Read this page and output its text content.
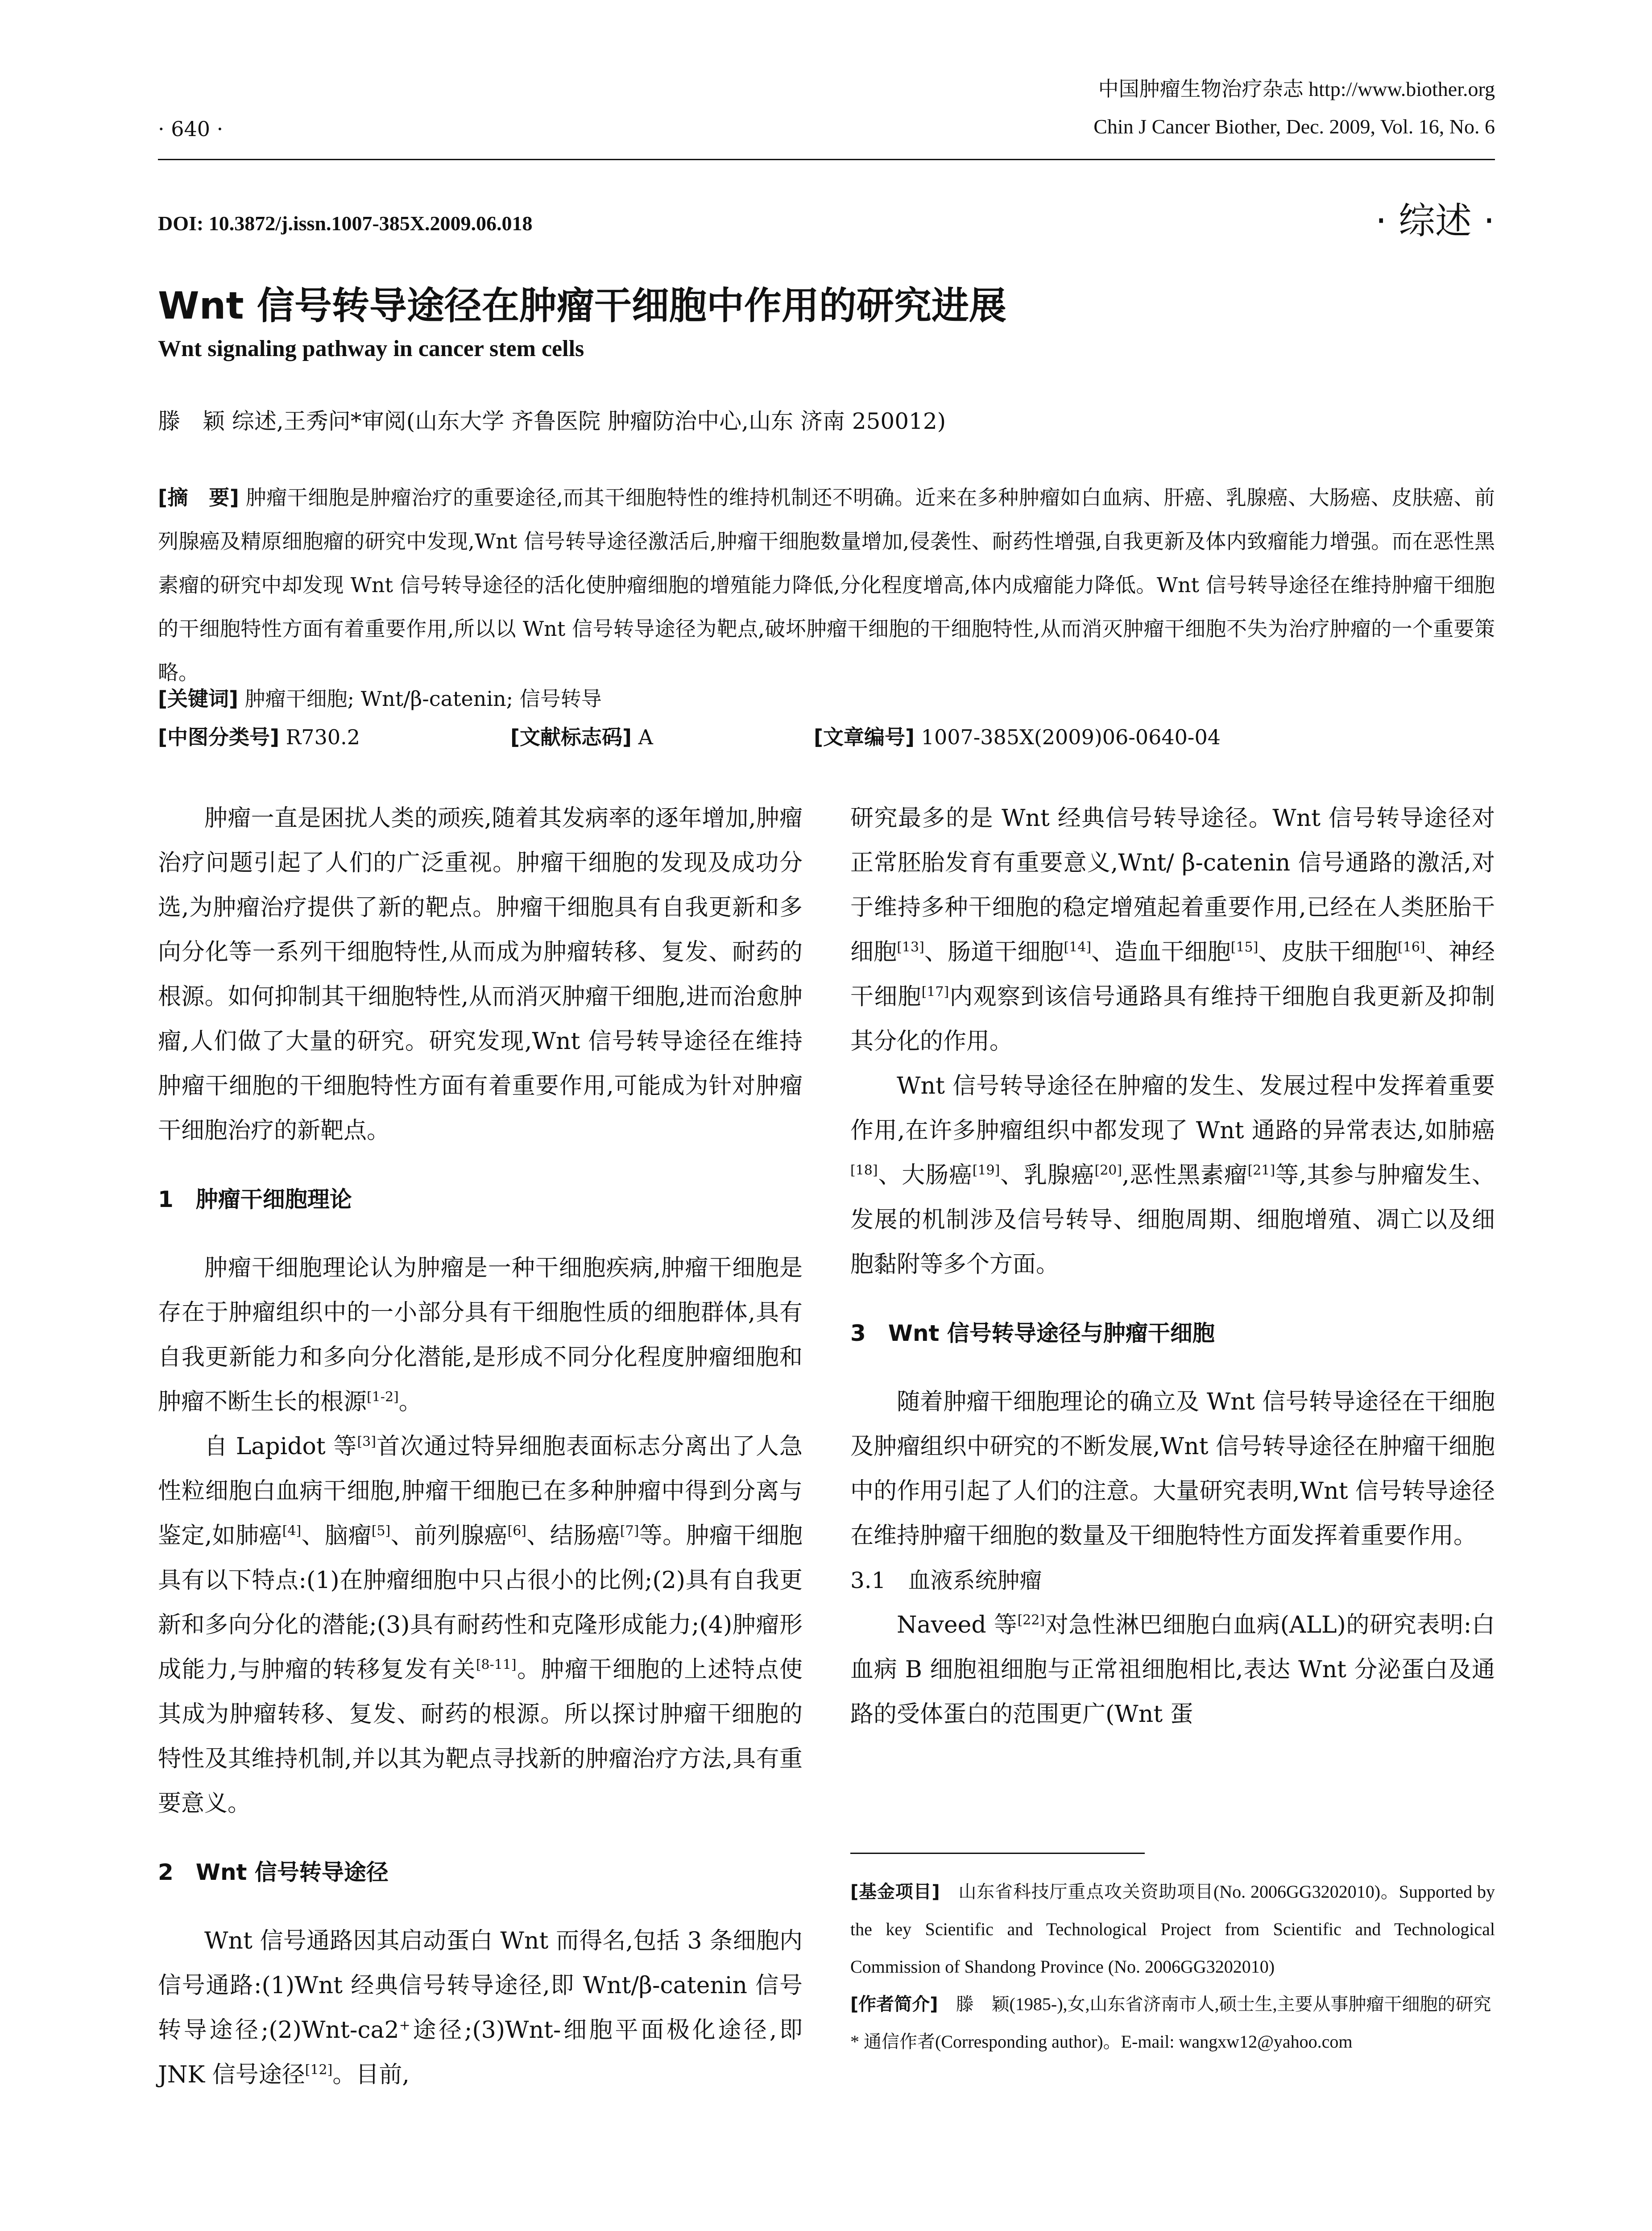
· 640 ·
中国肿瘤生物治疗杂志 http://www.biother.org
Chin J Cancer Biother, Dec. 2009, Vol. 16, No. 6
DOI: 10.3872/j.issn.1007-385X.2009.06.018	· 综述 ·
Wnt 信号转导途径在肿瘤干细胞中作用的研究进展
Wnt signaling pathway in cancer stem cells
滕　颖 综述,王秀问*审阅(山东大学 齐鲁医院 肿瘤防治中心,山东 济南 250012)
[摘　要] 肿瘤干细胞是肿瘤治疗的重要途径,而其干细胞特性的维持机制还不明确。近来在多种肿瘤如白血病、肝癌、乳腺癌、大肠癌、皮肤癌、前列腺癌及精原细胞瘤的研究中发现,Wnt 信号转导途径激活后,肿瘤干细胞数量增加,侵袭性、耐药性增强,自我更新及体内致瘤能力增强。而在恶性黑素瘤的研究中却发现 Wnt 信号转导途径的活化使肿瘤细胞的增殖能力降低,分化程度增高,体内成瘤能力降低。Wnt 信号转导途径在维持肿瘤干细胞的干细胞特性方面有着重要作用,所以以 Wnt 信号转导途径为靶点,破坏肿瘤干细胞的干细胞特性,从而消灭肿瘤干细胞不失为治疗肿瘤的一个重要策略。
[关键词] 肿瘤干细胞; Wnt/β-catenin; 信号转导
[中图分类号] R730.2	[文献标志码] A	[文章编号] 1007-385X(2009)06-0640-04

肿瘤一直是困扰人类的顽疾,随着其发病率的逐年增加,肿瘤治疗问题引起了人们的广泛重视。肿瘤干细胞的发现及成功分选,为肿瘤治疗提供了新的靶点。肿瘤干细胞具有自我更新和多向分化等一系列干细胞特性,从而成为肿瘤转移、复发、耐药的根源。如何抑制其干细胞特性,从而消灭肿瘤干细胞,进而治愈肿瘤,人们做了大量的研究。研究发现,Wnt 信号转导途径在维持肿瘤干细胞的干细胞特性方面有着重要作用,可能成为针对肿瘤干细胞治疗的新靶点。

1　肿瘤干细胞理论

肿瘤干细胞理论认为肿瘤是一种干细胞疾病,肿瘤干细胞是存在于肿瘤组织中的一小部分具有干细胞性质的细胞群体,具有自我更新能力和多向分化潜能,是形成不同分化程度肿瘤细胞和肿瘤不断生长的根源[1-2]。

自 Lapidot 等[3]首次通过特异细胞表面标志分离出了人急性粒细胞白血病干细胞,肿瘤干细胞已在多种肿瘤中得到分离与鉴定,如肺癌[4]、脑瘤[5]、前列腺癌[6]、结肠癌[7]等。肿瘤干细胞具有以下特点:(1)在肿瘤细胞中只占很小的比例;(2)具有自我更新和多向分化的潜能;(3)具有耐药性和克隆形成能力;(4)肿瘤形成能力,与肿瘤的转移复发有关[8-11]。肿瘤干细胞的上述特点使其成为肿瘤转移、复发、耐药的根源。所以探讨肿瘤干细胞的特性及其维持机制,并以其为靶点寻找新的肿瘤治疗方法,具有重要意义。

2　Wnt 信号转导途径

Wnt 信号通路因其启动蛋白 Wnt 而得名,包括 3 条细胞内信号通路:(1)Wnt 经典信号转导途径,即 Wnt/β-catenin 信号转导途径;(2)Wnt-ca2+途径;(3)Wnt-细胞平面极化途径,即 JNK 信号途径[12]。目前,

研究最多的是 Wnt 经典信号转导途径。Wnt 信号转导途径对正常胚胎发育有重要意义,Wnt/ β-catenin 信号通路的激活,对于维持多种干细胞的稳定增殖起着重要作用,已经在人类胚胎干细胞[13]、肠道干细胞[14]、造血干细胞[15]、皮肤干细胞[16]、神经干细胞[17]内观察到该信号通路具有维持干细胞自我更新及抑制其分化的作用。

Wnt 信号转导途径在肿瘤的发生、发展过程中发挥着重要作用,在许多肿瘤组织中都发现了 Wnt 通路的异常表达,如肺癌[18]、大肠癌[19]、乳腺癌[20],恶性黑素瘤[21]等,其参与肿瘤发生、发展的机制涉及信号转导、细胞周期、细胞增殖、凋亡以及细胞黏附等多个方面。

3　Wnt 信号转导途径与肿瘤干细胞

随着肿瘤干细胞理论的确立及 Wnt 信号转导途径在干细胞及肿瘤组织中研究的不断发展,Wnt 信号转导途径在肿瘤干细胞中的作用引起了人们的注意。大量研究表明,Wnt 信号转导途径在维持肿瘤干细胞的数量及干细胞特性方面发挥着重要作用。

3.1　血液系统肿瘤

Naveed 等[22]对急性淋巴细胞白血病(ALL)的研究表明:白血病 B 细胞祖细胞与正常祖细胞相比,表达 Wnt 分泌蛋白及通路的受体蛋白的范围更广(Wnt 蛋

[基金项目]　 山东省科技厅重点攻关资助项目(No. 2006GG3202010)。Supported by the key Scientific and Technological Project from Scientific and Technological Commission of Shandong Province (No. 2006GG3202010)

[作者简介]　 滕　颖(1985-),女,山东省济南市人,硕士生,主要从事肿瘤干细胞的研究

* 通信作者(Corresponding author)。E-mail: wangxw12@yahoo.com
